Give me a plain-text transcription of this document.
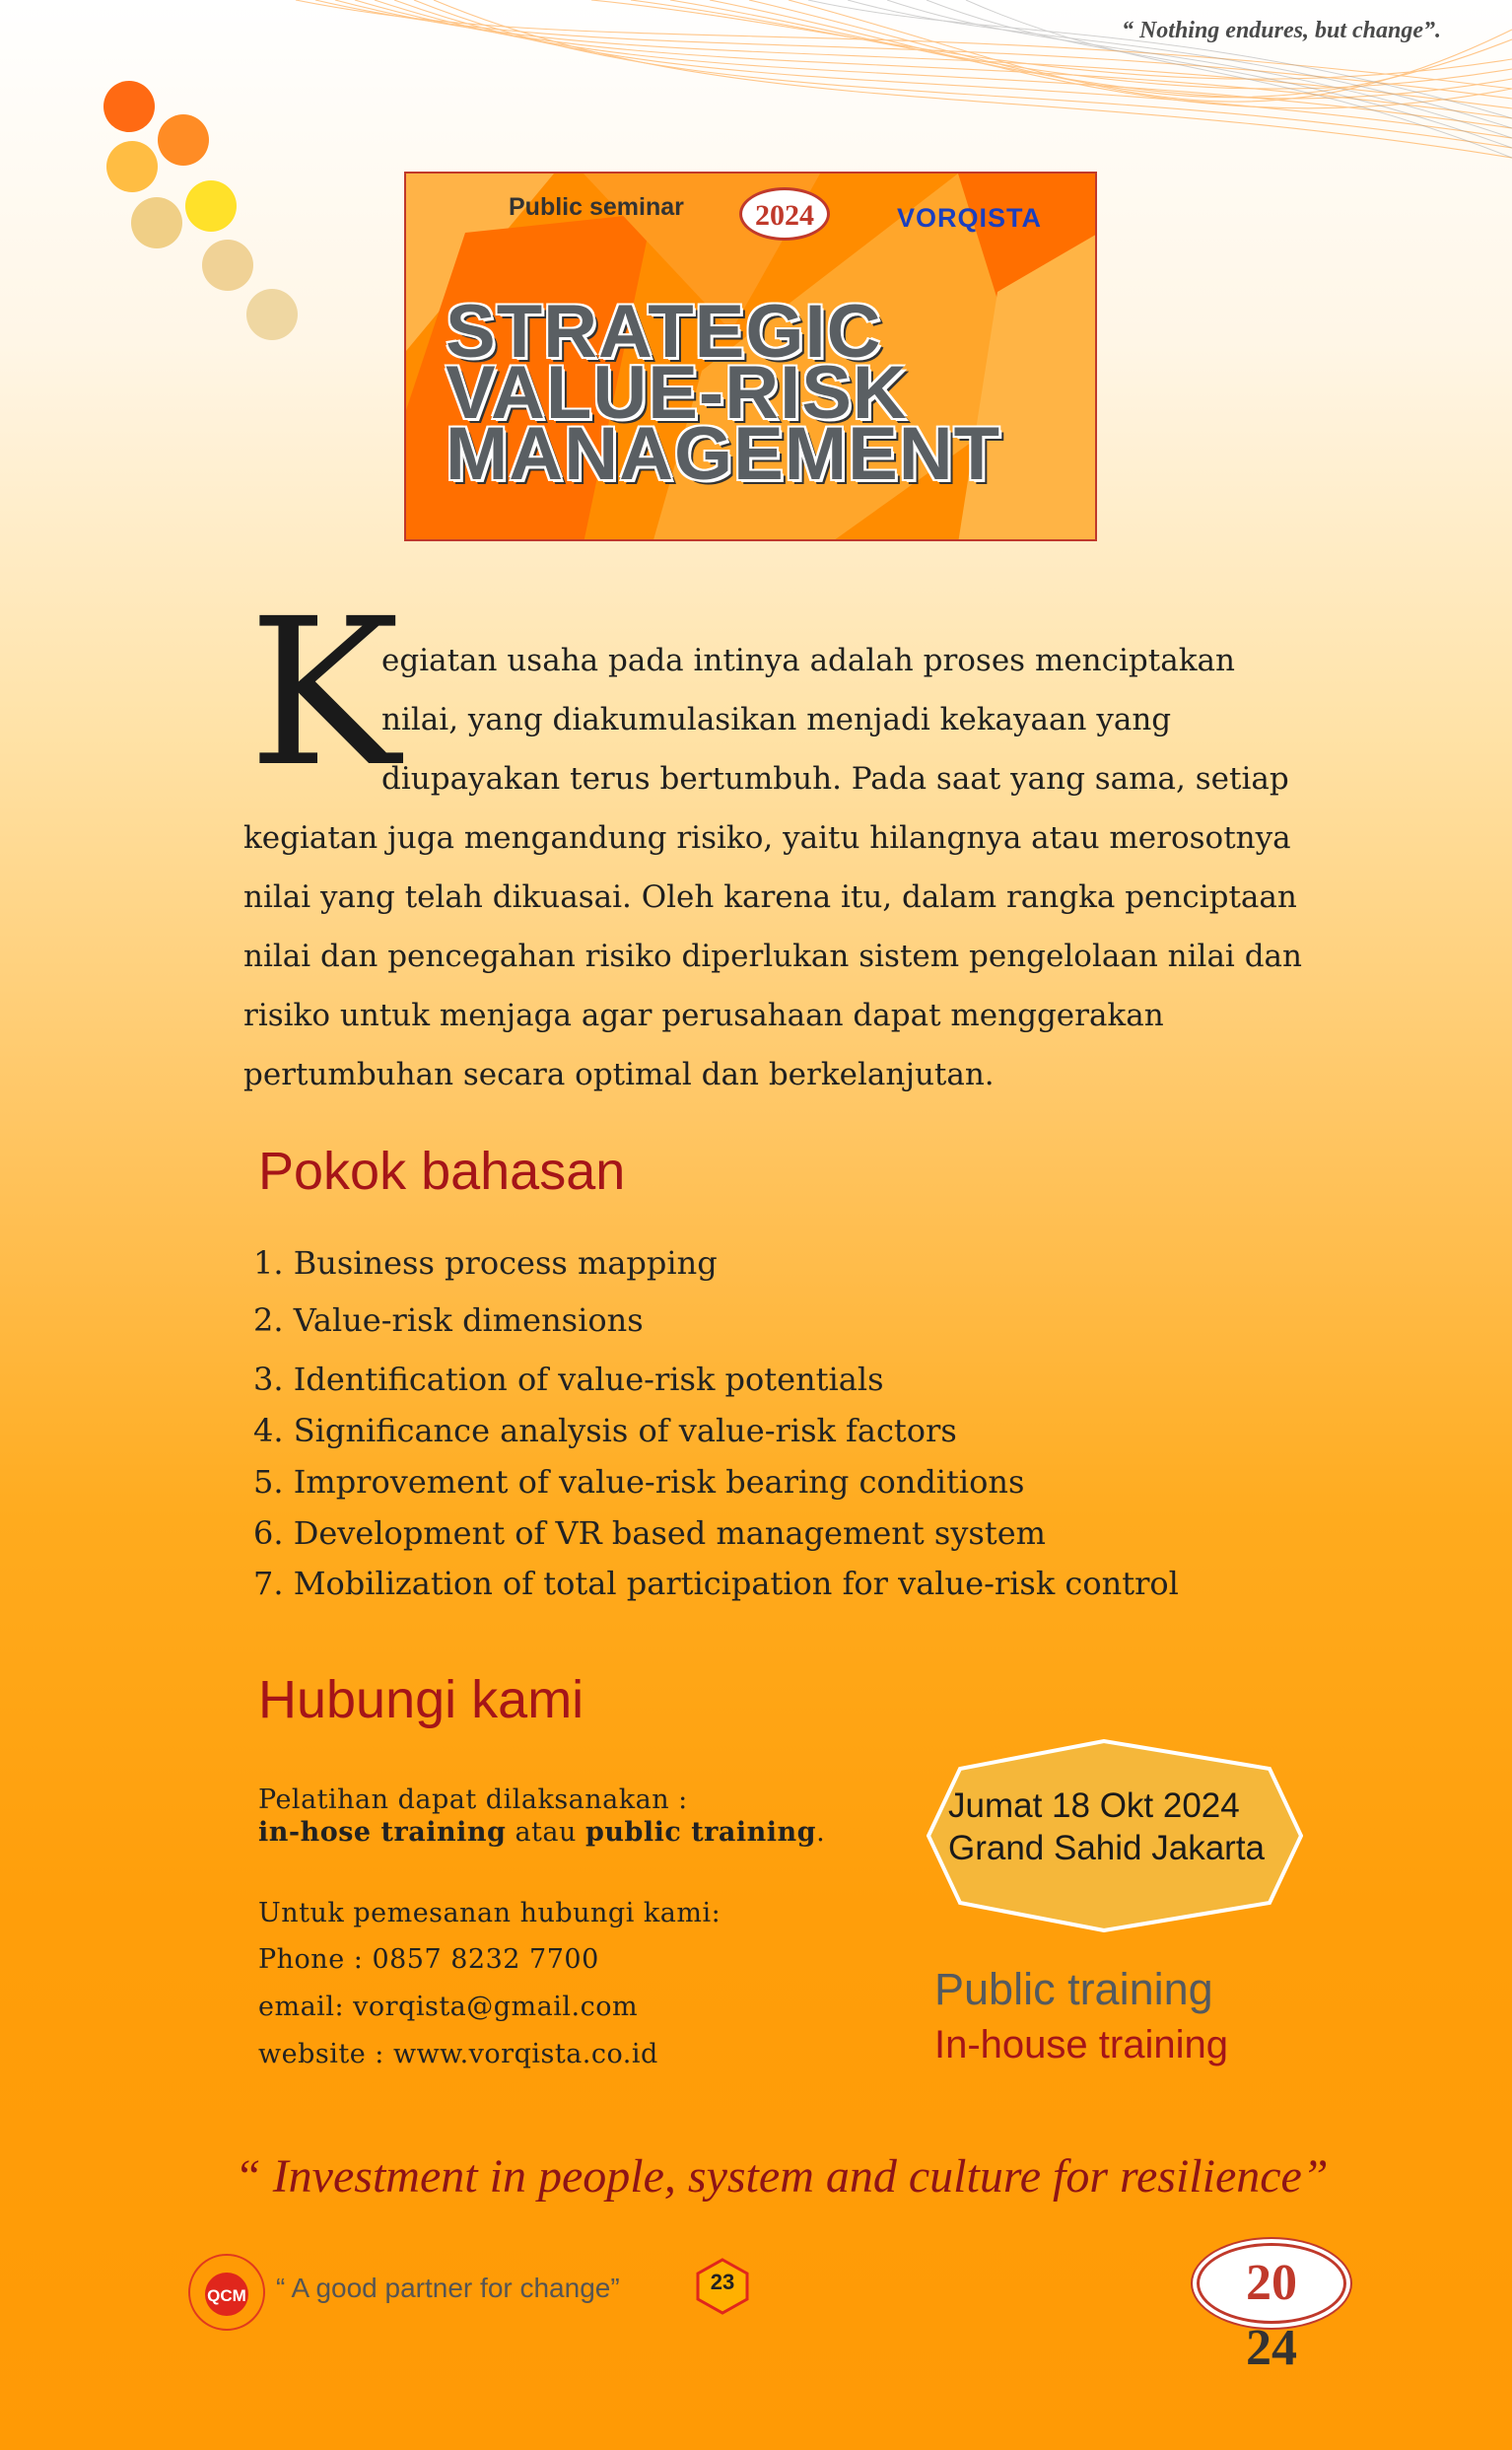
“ Nothing endures, but change”.
Public seminar	2024	VORQISTA
STRATEGIC
VALUE-RISK
MANAGEMENT
K
egiatan usaha pada intinya adalah proses menciptakan
nilai, yang diakumulasikan menjadi kekayaan yang
diupayakan terus bertumbuh. Pada saat yang sama, setiap
kegiatan juga mengandung risiko, yaitu hilangnya atau merosotnya
nilai yang telah dikuasai. Oleh karena itu, dalam rangka penciptaan
nilai dan pencegahan risiko diperlukan sistem pengelolaan nilai dan
risiko untuk menjaga agar perusahaan dapat menggerakan
pertumbuhan secara optimal dan berkelanjutan.
Pokok bahasan
1. Business process mapping
2. Value-risk dimensions
3. Identification of value-risk potentials
4. Significance analysis of value-risk factors
5. Improvement of value-risk bearing conditions
6. Development of VR based management system
7. Mobilization of total participation for value-risk control
Hubungi kami
Pelatihan dapat dilaksanakan :
in-hose training atau public training.
Untuk pemesanan hubungi kami:
Phone : 0857 8232 7700
email: vorqista@gmail.com
website : www.vorqista.co.id
Jumat 18 Okt 2024
Grand Sahid Jakarta
Public training
In-house training
“ Investment in people, system and culture for resilience”
QCM “ A good partner for change”	23	20
24
